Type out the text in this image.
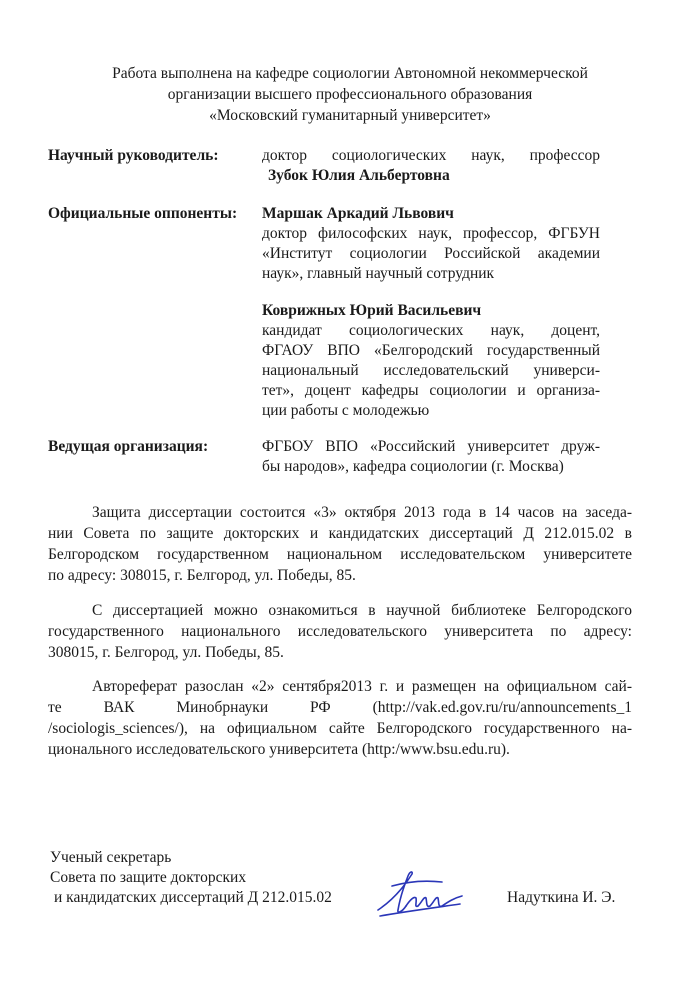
Работа выполнена на кафедре социологии Автономной некоммерческой
организации высшего профессионального образования
«Московский гуманитарный университет»
Научный руководитель:	доктор социологических наук, профессор
Зубок Юлия Альбертовна
Официальные оппоненты: Маршак Аркадий Львович
доктор философских наук, профессор, ФГБУН
«Институт социологии Российской академии
наук», главный научный сотрудник
Коврижных Юрий Васильевич
кандидат социологических наук, доцент,
ФГАОУ ВПО «Белгородский государственный
национальный исследовательский универси-
тет», доцент кафедры социологии и организа-
ции работы с молодежью
Ведущая организация:	ФГБОУ ВПО «Российский университет друж-
бы народов», кафедра социологии (г. Москва)
Защита диссертации состоится «3» октября 2013 года в 14 часов на заседа-
нии Совета по защите докторских и кандидатских диссертаций Д 212.015.02 в
Белгородском государственном национальном исследовательском университете
по адресу: 308015, г. Белгород, ул. Победы, 85.
С диссертацией можно ознакомиться в научной библиотеке Белгородского
государственного национального исследовательского университета по адресу:
308015, г. Белгород, ул. Победы, 85.
Автореферат разослан «2» сентября2013 г. и размещен на официальном сай-
те ВАК Минобрнауки РФ (http://vak.ed.gov.ru/ru/announcements_1
/sociologis_sciences/), на официальном сайте Белгородского государственного на-
ционального исследовательского университета (http:/www.bsu.edu.ru).
Ученый секретарь
Совета по защите докторских
и кандидатских диссертаций Д 212.015.02	Надуткина И. Э.
